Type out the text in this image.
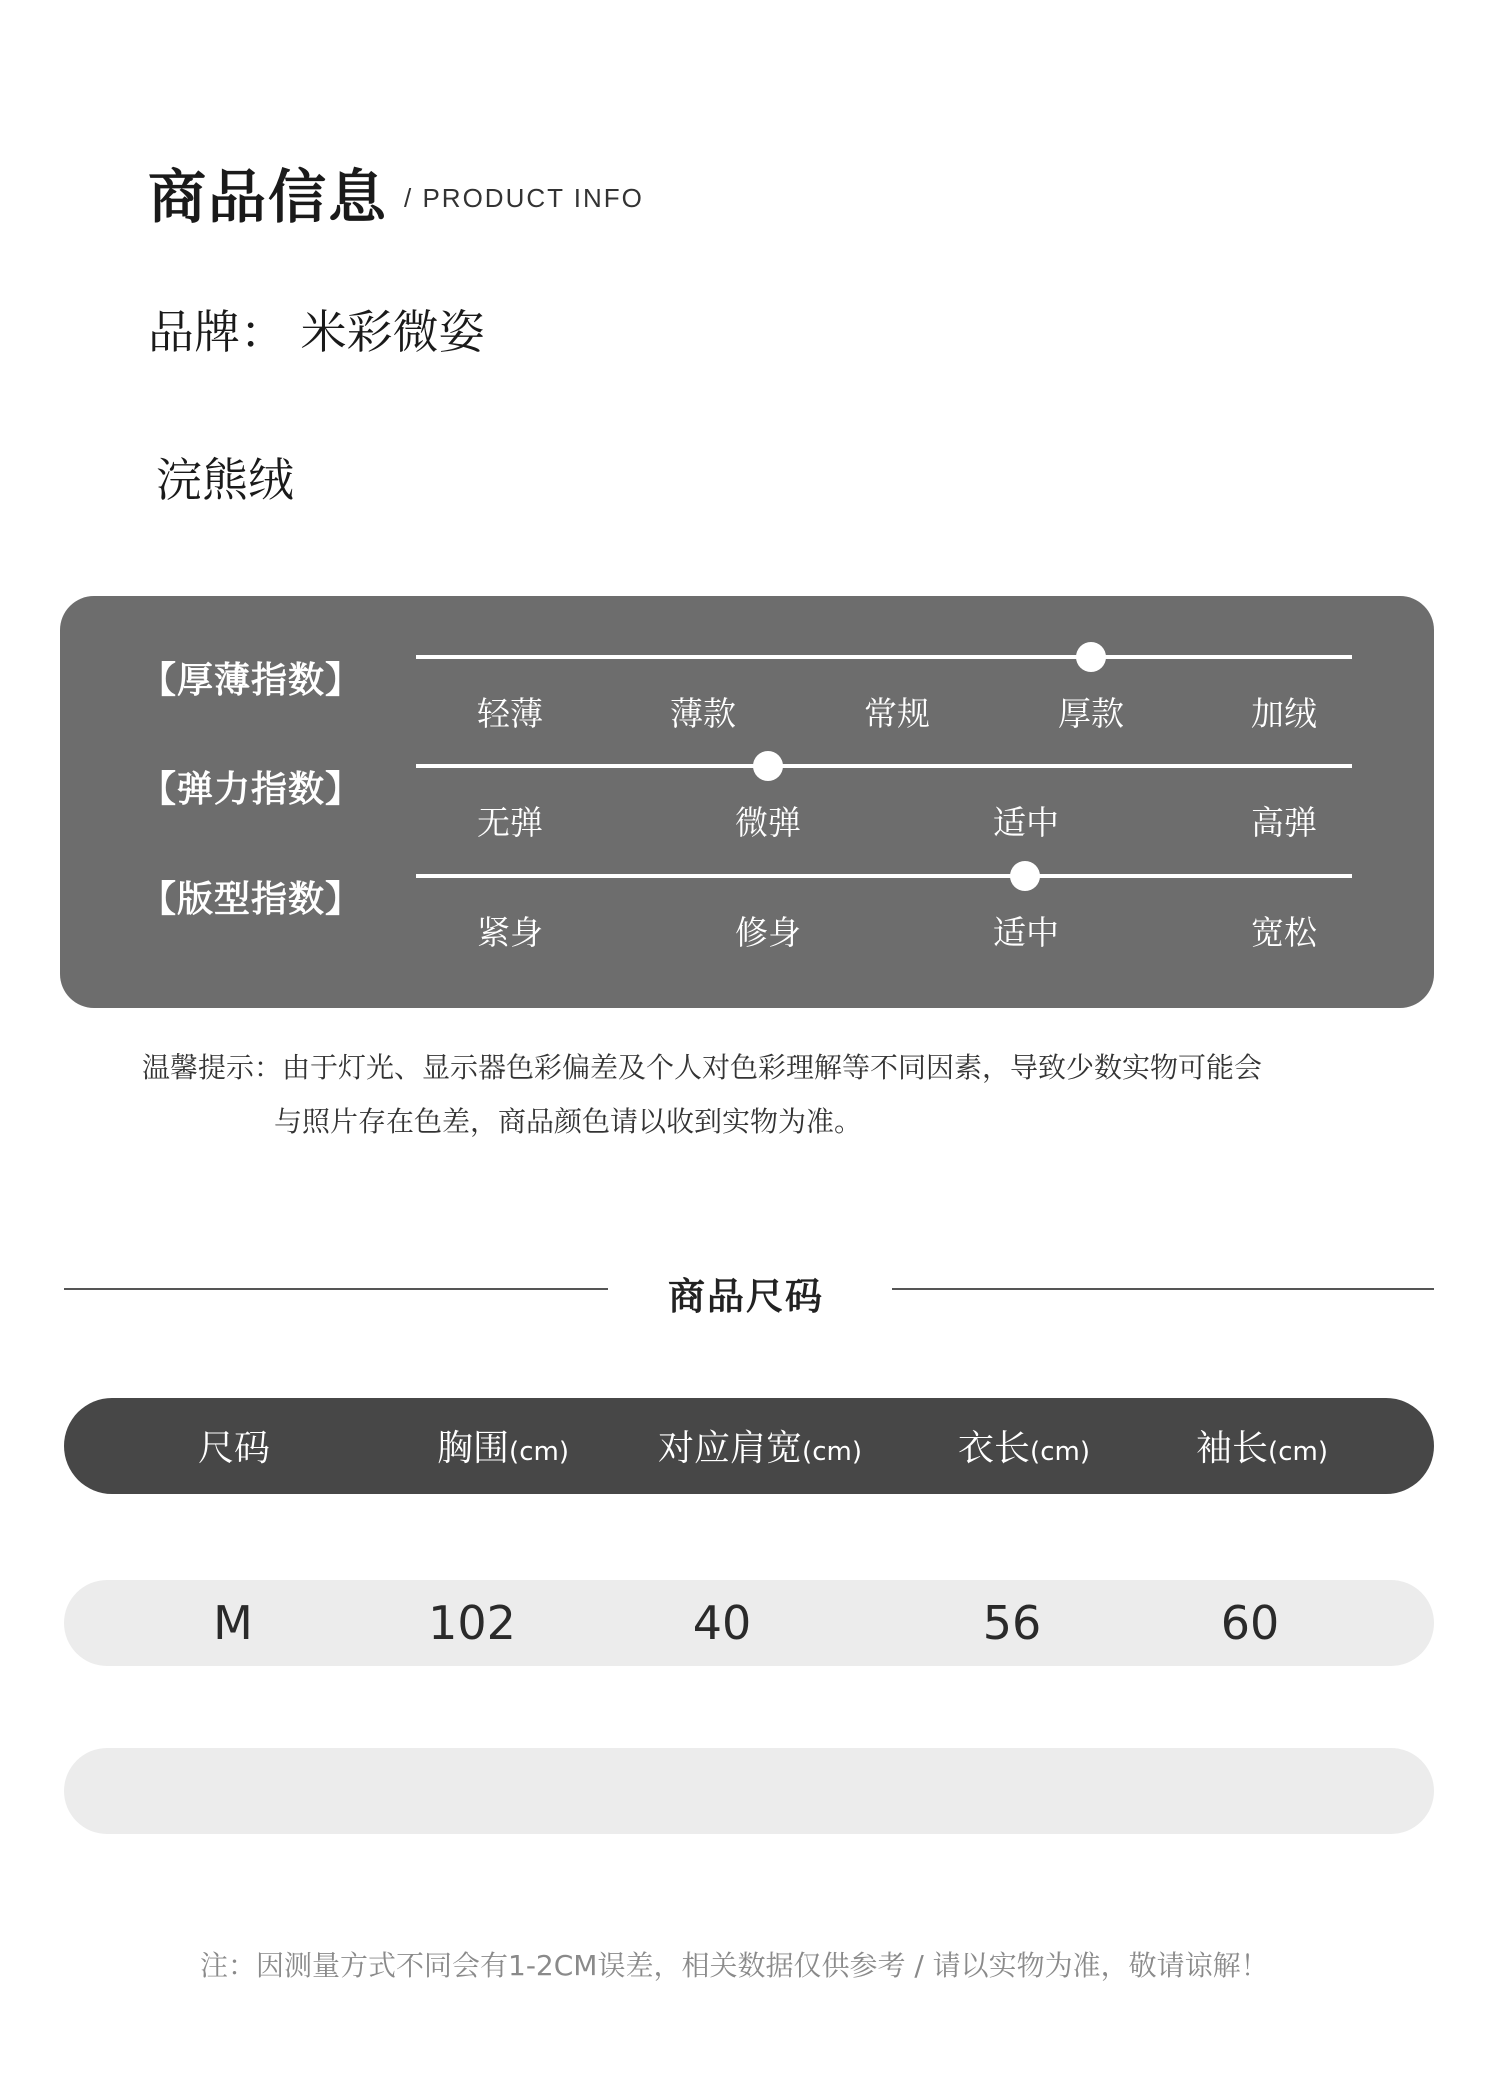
商品信息 / PRODUCT INFO
品牌： 米彩微姿
浣熊绒
【厚薄指数】
轻薄	薄款	常规	厚款	加绒
【弹力指数】
无弹	微弹	适中	高弹
【版型指数】
紧身	修身	适中	宽松
温馨提示：由于灯光、显示器色彩偏差及个人对色彩理解等不同因素，导致少数实物可能会
与照片存在色差，商品颜色请以收到实物为准。
商品尺码
尺码	胸围(cm) 对应肩宽(cm)	衣长(cm)	袖长(cm)
M	102	40	56	60
注：因测量方式不同会有1-2CM误差，相关数据仅供参考 / 请以实物为准，敬请谅解！
